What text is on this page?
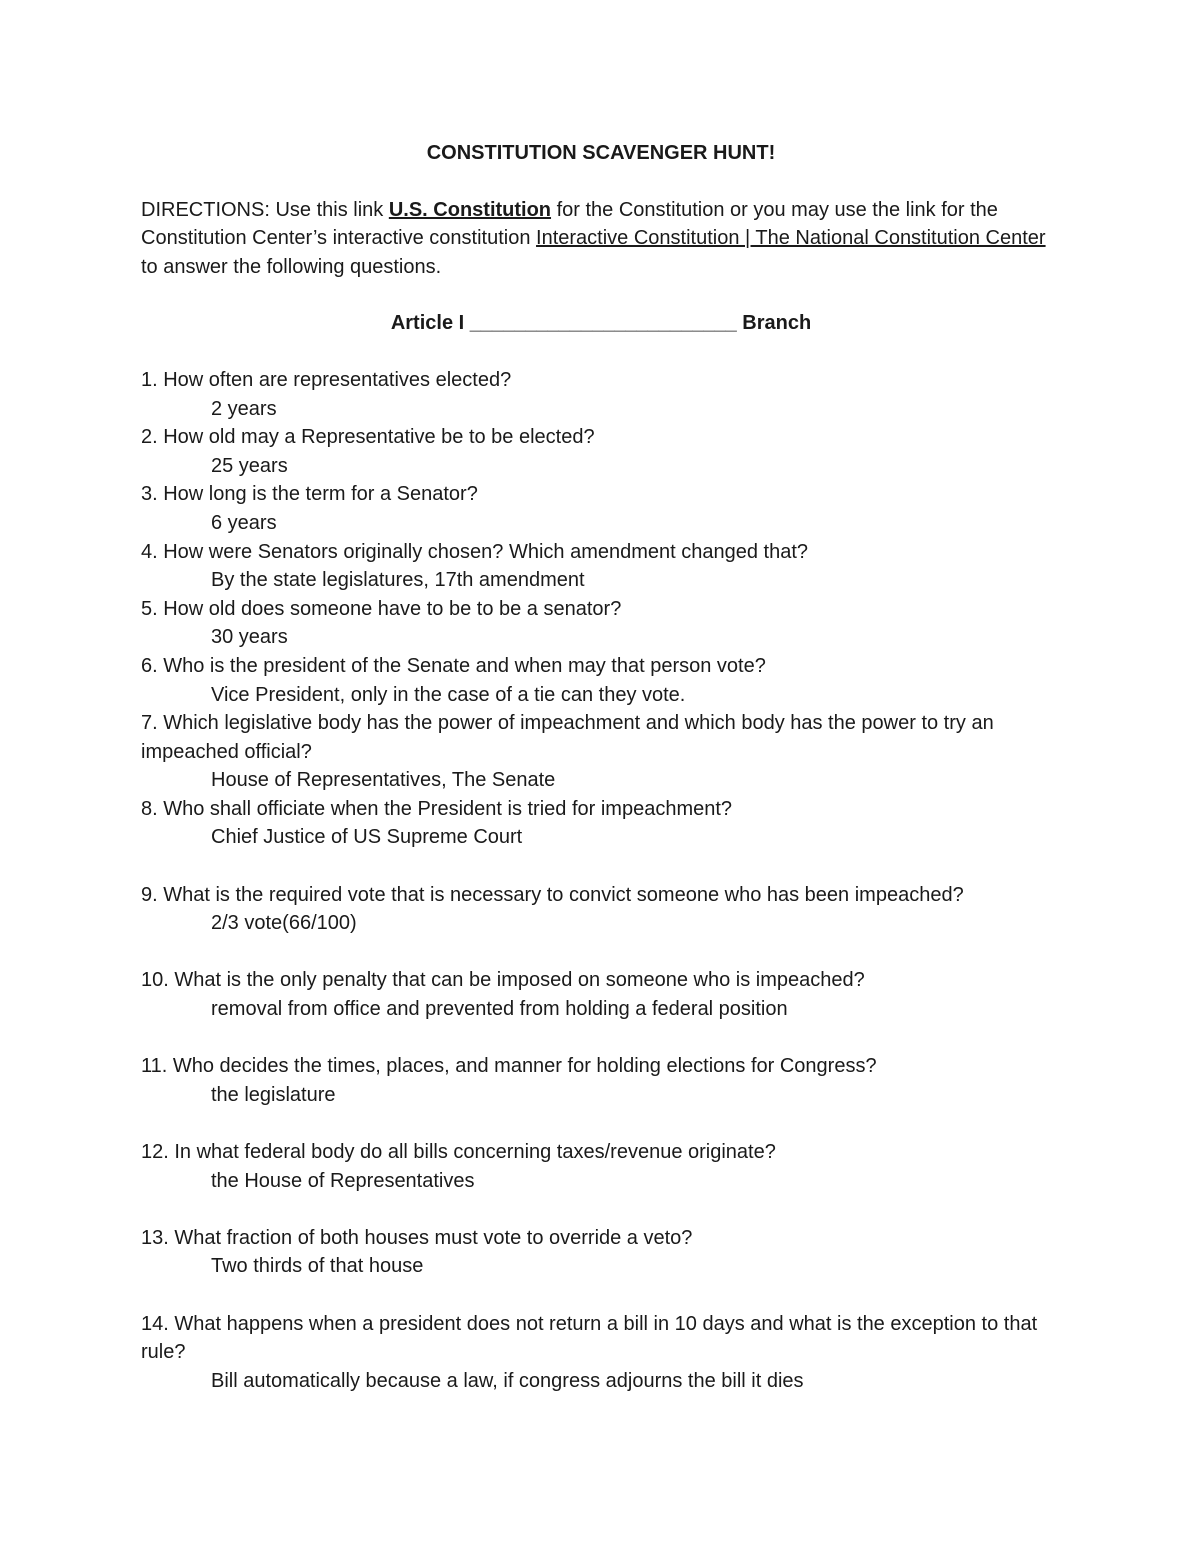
CONSTITUTION SCAVENGER HUNT!

DIRECTIONS: Use this link U.S. Constitution for the Constitution or you may use the link for the Constitution Center’s interactive constitution Interactive Constitution | The National Constitution Center to answer the following questions.

Article I ________________________ Branch

1. How often are representatives elected?

2 years

2. How old may a Representative be to be elected?

25 years

3. How long is the term for a Senator?

6 years

4. How were Senators originally chosen? Which amendment changed that?

By the state legislatures, 17th amendment

5. How old does someone have to be to be a senator?

30 years

6. Who is the president of the Senate and when may that person vote?

Vice President, only in the case of a tie can they vote.

7. Which legislative body has the power of impeachment and which body has the power to try an impeached official?

House of Representatives, The Senate

8. Who shall officiate when the President is tried for impeachment?

Chief Justice of US Supreme Court

9. What is the required vote that is necessary to convict someone who has been impeached?

2/3 vote(66/100)

10. What is the only penalty that can be imposed on someone who is impeached?

removal from office and prevented from holding a federal position

11. Who decides the times, places, and manner for holding elections for Congress?

the legislature

12. In what federal body do all bills concerning taxes/revenue originate?

the House of Representatives

13. What fraction of both houses must vote to override a veto?

Two thirds of that house

14. What happens when a president does not return a bill in 10 days and what is the exception to that rule?

Bill automatically because a law, if congress adjourns the bill it dies
